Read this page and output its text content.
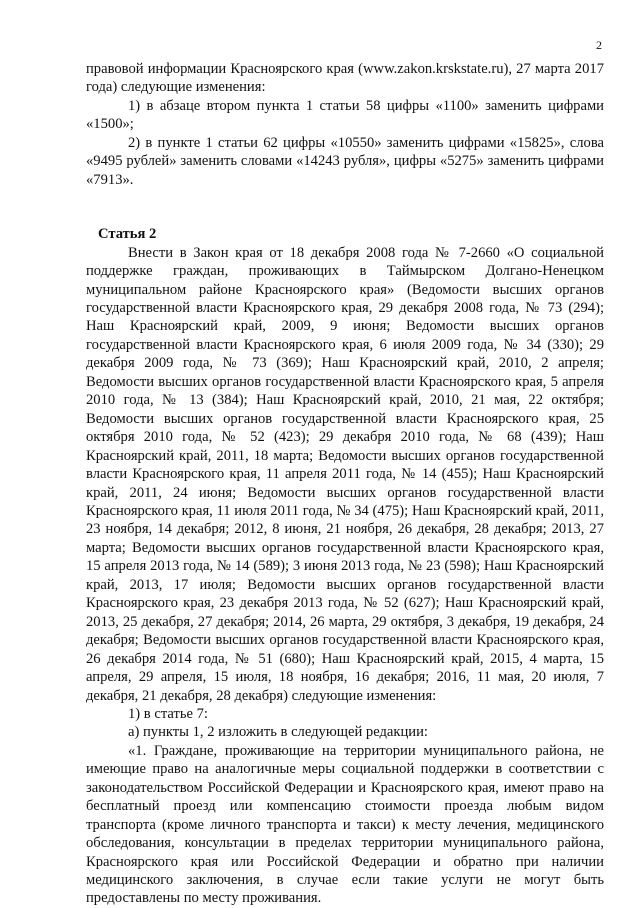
2

правовой информации Красноярского края (www.zakon.krskstate.ru), 27 марта 2017 года) следующие изменения:

1) в абзаце втором пункта 1 статьи 58 цифры «1100» заменить цифрами «1500»;

2) в пункте 1 статьи 62 цифры «10550» заменить цифрами «15825», слова «9495 рублей» заменить словами «14243 рубля», цифры «5275» заменить цифрами «7913».

Статья 2

Внести в Закон края от 18 декабря 2008 года № 7-2660 «О социальной поддержке граждан, проживающих в Таймырском Долгано-Ненецком муниципальном районе Красноярского края» (Ведомости высших органов государственной власти Красноярского края, 29 декабря 2008 года, № 73 (294); Наш Красноярский край, 2009, 9 июня; Ведомости высших органов государственной власти Красноярского края, 6 июля 2009 года, № 34 (330); 29 декабря 2009 года, № 73 (369); Наш Красноярский край, 2010, 2 апреля; Ведомости высших органов государственной власти Красноярского края, 5 апреля 2010 года, № 13 (384); Наш Красноярский край, 2010, 21 мая, 22 октября; Ведомости высших органов государственной власти Красноярского края, 25 октября 2010 года, № 52 (423); 29 декабря 2010 года, № 68 (439); Наш Красноярский край, 2011, 18 марта; Ведомости высших органов государственной власти Красноярского края, 11 апреля 2011 года, № 14 (455); Наш Красноярский край, 2011, 24 июня; Ведомости высших органов государственной власти Красноярского края, 11 июля 2011 года, № 34 (475); Наш Красноярский край, 2011, 23 ноября, 14 декабря; 2012, 8 июня, 21 ноября, 26 декабря, 28 декабря; 2013, 27 марта; Ведомости высших органов государственной власти Красноярского края, 15 апреля 2013 года, № 14 (589); 3 июня 2013 года, № 23 (598); Наш Красноярский край, 2013, 17 июля; Ведомости высших органов государственной власти Красноярского края, 23 декабря 2013 года, № 52 (627); Наш Красноярский край, 2013, 25 декабря, 27 декабря; 2014, 26 марта, 29 октября, 3 декабря, 19 декабря, 24 декабря; Ведомости высших органов государственной власти Красноярского края, 26 декабря 2014 года, № 51 (680); Наш Красноярский край, 2015, 4 марта, 15 апреля, 29 апреля, 15 июля, 18 ноября, 16 декабря; 2016, 11 мая, 20 июля, 7 декабря, 21 декабря, 28 декабря) следующие изменения:

1) в статье 7:

а) пункты 1, 2 изложить в следующей редакции:

«1. Граждане, проживающие на территории муниципального района, не имеющие право на аналогичные меры социальной поддержки в соответствии с законодательством Российской Федерации и Красноярского края, имеют право на бесплатный проезд или компенсацию стоимости проезда любым видом транспорта (кроме личного транспорта и такси) к месту лечения, медицинского обследования, консультации в пределах территории муниципального района, Красноярского края или Российской Федерации и обратно при наличии медицинского заключения, в случае если такие услуги не могут быть предоставлены по месту проживания.
